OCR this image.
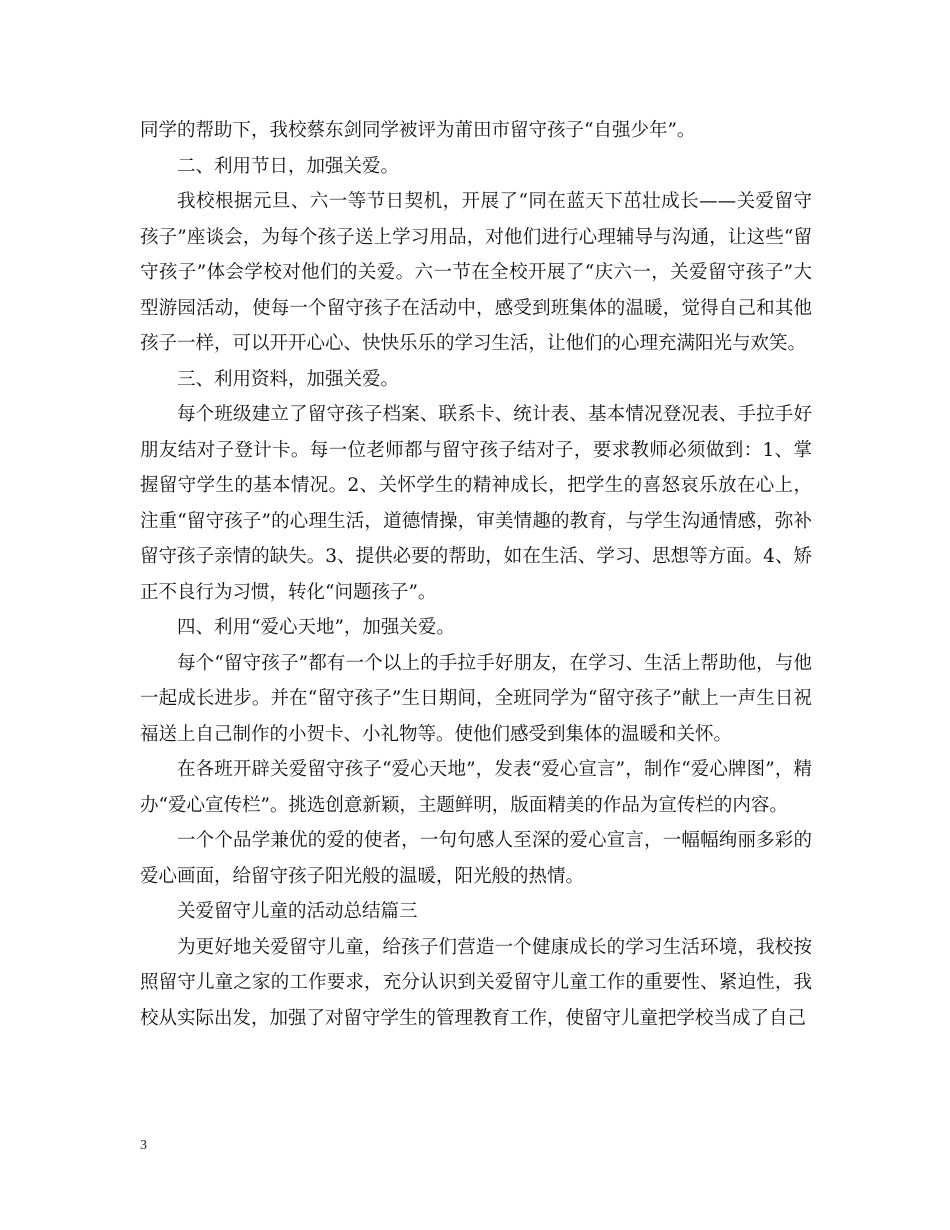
同学的帮助下，我校蔡东剑同学被评为莆田市留守孩子“自强少年”。

二、利用节日，加强关爱。

我校根据元旦、六一等节日契机，开展了“同在蓝天下茁壮成长——关爱留守孩子”座谈会，为每个孩子送上学习用品，对他们进行心理辅导与沟通，让这些“留守孩子”体会学校对他们的关爱。六一节在全校开展了“庆六一，关爱留守孩子”大型游园活动，使每一个留守孩子在活动中，感受到班集体的温暖，觉得自己和其他孩子一样，可以开开心心、快快乐乐的学习生活，让他们的心理充满阳光与欢笑。

三、利用资料，加强关爱。

每个班级建立了留守孩子档案、联系卡、统计表、基本情况登况表、手拉手好朋友结对子登计卡。每一位老师都与留守孩子结对子，要求教师必须做到：1、掌握留守学生的基本情况。2、关怀学生的精神成长，把学生的喜怒哀乐放在心上，注重“留守孩子”的心理生活，道德情操，审美情趣的教育，与学生沟通情感，弥补留守孩子亲情的缺失。3、提供必要的帮助，如在生活、学习、思想等方面。4、矫正不良行为习惯，转化“问题孩子”。

四、利用“爱心天地”，加强关爱。

每个“留守孩子”都有一个以上的手拉手好朋友，在学习、生活上帮助他，与他一起成长进步。并在“留守孩子”生日期间，全班同学为“留守孩子”献上一声生日祝福送上自己制作的小贺卡、小礼物等。使他们感受到集体的温暖和关怀。

在各班开辟关爱留守孩子“爱心天地”，发表“爱心宣言”，制作“爱心牌图”，精办“爱心宣传栏”。挑选创意新颖，主题鲜明，版面精美的作品为宣传栏的内容。

一个个品学兼优的爱的使者，一句句感人至深的爱心宣言，一幅幅绚丽多彩的爱心画面，给留守孩子阳光般的温暖，阳光般的热情。

关爱留守儿童的活动总结篇三

为更好地关爱留守儿童，给孩子们营造一个健康成长的学习生活环境，我校按照留守儿童之家的工作要求，充分认识到关爱留守儿童工作的重要性、紧迫性，我校从实际出发，加强了对留守学生的管理教育工作，使留守儿童把学校当成了自己

3
